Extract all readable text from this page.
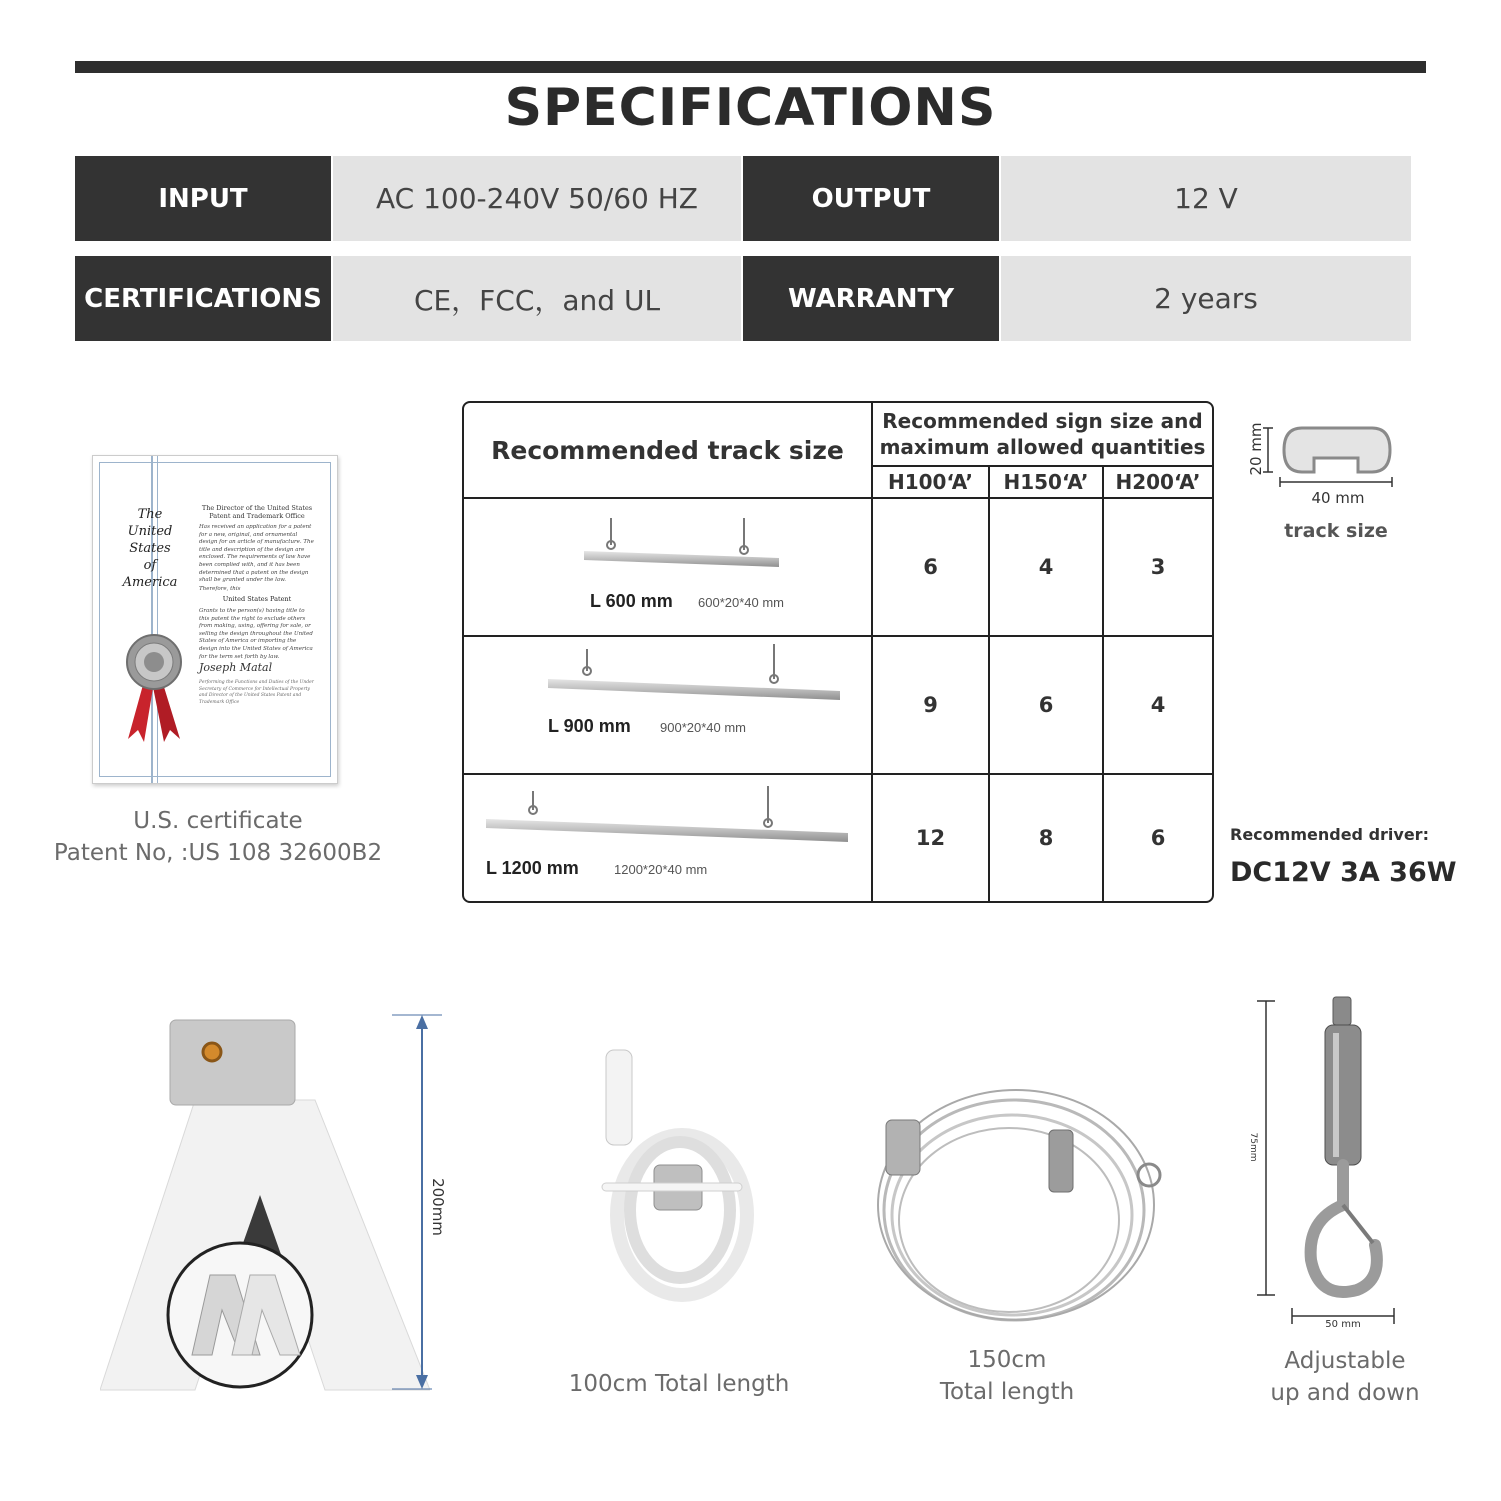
SPECIFICATIONS
INPUT	AC 100-240V 50/60 HZ	OUTPUT	12 V
CERTIFICATIONS	CE，FCC，and UL	WARRANTY	2 years
The
United
States
of
America
The Director of the United States Patent and Trademark Office
Has received an application for a patent for a new, original, and ornamental design for an article of manufacture. The title and description of the design are enclosed. The requirements of law have been complied with, and it has been determined that a patent on the design shall be granted under the law.
Therefore, this
United States Patent
Grants to the person(s) having title to this patent the right to exclude others from making, using, offering for sale, or selling the design throughout the United States of America or importing the design into the United States of America for the term set forth by law.
Joseph Matal
Performing the Functions and Duties of the Under Secretary of Commerce for Intellectual Property and Director of the United States Patent and Trademark Office
U.S. certificate
Patent No, :US 108 32600B2
Recommended track size
Recommended sign size and
maximum allowed quantities
H100‘A’	H150‘A’	H200‘A’
L 600 mm 600*20*40 mm
6	4	3
L 900 mm 900*20*40 mm
9	6	4
L 1200 mm	1200*20*40 mm
12	8	6
20 mm
40 mm
track size
Recommended driver:
DC12V 3A 36W
200mm
100cm Total length
150cm
Total length
75mm
50 mm
Adjustable
up and down
